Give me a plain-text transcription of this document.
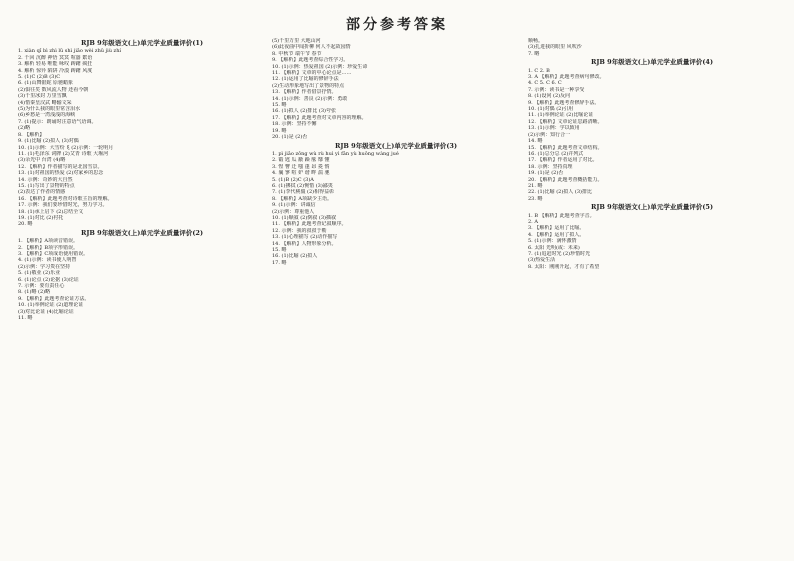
部分参考答案
RJB 9年级语文(上)单元学业质量评价(1)
1. xiàn qǐ bì zhì lǜ shì jiǎo wèi zhǔ jiù zhí
2. 千回 沉醉 神悟 冥冥 喧嚣 絮语
3. 解析 轻易 唯能 咏叹 踌躇 疯狂
4. 解析 惊异 陷阱 冷漠 踌躇 风度
5. (1)C (2)B (3)C
6. (1)山舞银蛇 原驰蜡象
(2)俱往矣 数风流人物 还看今朝
(3)千里冰封 万里雪飘
(4)惜秦皇汉武 略输文采
(5)为什么我的眼里常含泪水
(6)乡愁是一湾浅浅的海峡
7. (1)提示：朗诵时注意语气语调。
(2)略
8. 【解析】
9. (1)比喻 (2)拟人 (3)对偶
10. (1)示例：大雪纷飞 (2)示例：一轮明月
11. (1)毛泽东 词牌 (2)艾青 诗歌 大堰河
(3)余光中 台湾 (4)略
12. 【解析】作者描写的是北国雪景。
13. (1)对祖国的热爱 (2)对家乡的思念
14. 示例：奇妙的大自然
15. (1)写出了景物的特点
(2)表达了作者的情感
16. 【解析】此题考查对诗歌主旨的理解。
17. 示例：我们要珍惜时光，努力学习。
18. (1)承上启下 (2)总结全文
19. (1)对比 (2)衬托
20. 略
RJB 9年级语文(上)单元学业质量评价(2)
1. 【解析】A项读音错误。
2. 【解析】B项字形错误。
3. 【解析】C项成语使用错误。
4. (1)示例：读书使人明智
(2)示例：学习贵在坚持
5. (1)敬业 (2)乐业
6. (1)论点 (2)论据 (3)论证
7. 示例：要有责任心
8. (1)略 (2)略
9. 【解析】此题考查论证方法。
10. (1)举例论证 (2)道理论证
(3)对比论证 (4)比喻论证
11. 略
(5)千里万里 大地山河
(6)此夜曲中闻折柳 何人不起故园情
8. 中秋节 端午节 春节
9. 【解析】此题考查综合性学习。
10. (1)示例：热爱祖国 (2)示例：珍爱生命
11. 【解析】文章的中心论点是……
12. (1)运用了比喻的修辞手法
(2)生动形象地写出了景物的特点
13. 【解析】作者借景抒情。
14. (1)示例：善良 (2)示例：勇敢
15. 略
16. (1)拟人 (2)排比 (3)夸张
17. 【解析】此题考查对文章内容的理解。
18. 示例：坚持不懈
19. 略
20. (1)是 (2)否
RJB 9年级语文(上)单元学业质量评价(3)
1. pì jiǎo zǒng wù rù huì yì fǎn yù huǒng wàng jué
2. 锻 匙 瓜 蔽 躁 舷 靡 懂
3. 惶 瞥 迁 嗤 蓬 昂 菱 惰
4. 曩 寥 喧 妒 谐 畔 湍 驰
5. (1)B (2)C (3)A
6. (1)拂拭 (2)惋惜 (3)鄙夷
7. (1)李代桃僵 (2)相得益彰
8. 【解析】A项缺少主语。
9. (1)示例：讲诚信
(2)示例：尊重他人
10. (1)顺叙 (2)倒叙 (3)插叙
11. 【解析】此题考查记叙顺序。
12. 示例：我的叔叔于勒
13. (1)心理描写 (2)动作描写
14. 【解析】人物形象分析。
15. 略
16. (1)比喻 (2)拟人
17. 略
顺畅。
(3)扎进我的眼里 风吹沙
7. 略
RJB 9年级语文(上)单元学业质量评价(4)
1. C 2. B
3. A 【解析】此题考查病句修改。
4. C 5. C 6. C
7. 示例：读书是一种享受
8. (1)设问 (2)反问
9. 【解析】此题考查修辞手法。
10. (1)对偶 (2)引用
11. (1)举例论证 (2)比喻论证
12. 【解析】文章论证思路清晰。
13. (1)示例：学以致用
(2)示例：知行合一
14. 略
15. 【解析】此题考查文章结构。
16. (1)总分总 (2)并列式
17. 【解析】作者运用了对比。
18. 示例：坚持真理
19. (1)是 (2)否
20. 【解析】此题考查概括能力。
21. 略
22. (1)比喻 (2)拟人 (3)排比
23. 略
RJB 9年级语文(上)单元学业质量评价(5)
1. B 【解析】此题考查字音。
2. A
3. 【解析】运用了比喻。
4. 【解析】运用了拟人。
5. (1)示例：满怀激情
6. 太阳 光明(或：未来)
7. (1)追赶时光 (2)珍惜时光
(3)热爱生活
8. 太阳：刚刚升起，才有了希望
